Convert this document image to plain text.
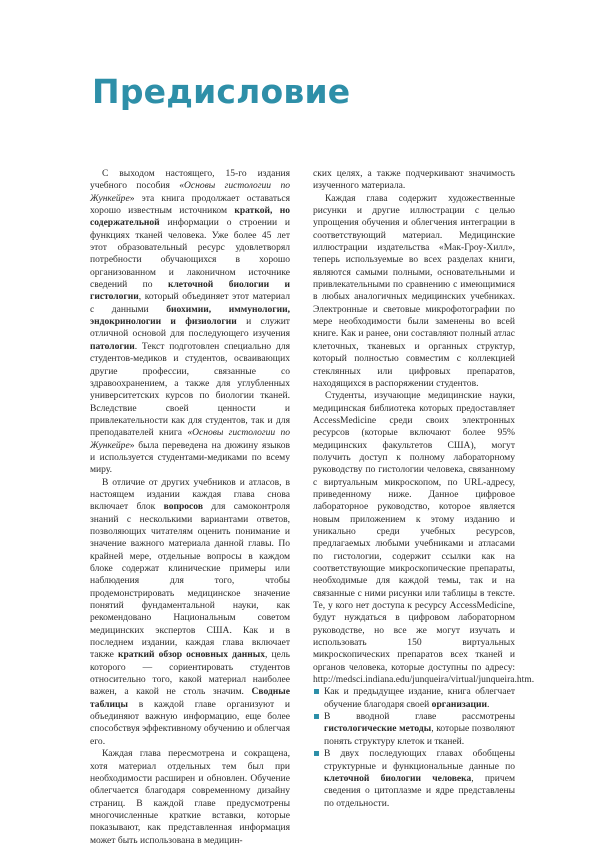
Предисловие

С выходом настоящего, 15-го издания учебного пособия «Основы гистологии по Жункейре» эта книга продолжает оставаться хорошо известным источником краткой, но содержательной информации о строении и функциях тканей человека. Уже более 45 лет этот образовательный ресурс удовлетворял потребности обучающихся в хорошо организованном и лаконичном источнике сведений по клеточной биологии и гистологии, который объединяет этот материал с данными биохимии, иммунологии, эндокринологии и физиологии и служит отличной основой для последующего изучения патологии. Текст подготовлен специально для студентов-медиков и студентов, осваивающих другие профессии, связанные со здравоохранением, а также для углубленных университетских курсов по биологии тканей. Вследствие своей ценности и привлекательности как для студентов, так и для преподавателей книга «Основы гистологии по Жункейре» была переведена на дюжину языков и используется студентами-медиками по всему миру.

В отличие от других учебников и атласов, в настоящем издании каждая глава снова включает блок вопросов для самоконтроля знаний с несколькими вариантами ответов, позволяющих читателям оценить понимание и значение важного материала данной главы. По крайней мере, отдельные вопросы в каждом блоке содержат клинические примеры или наблюдения для того, чтобы продемонстрировать медицинское значение понятий фундаментальной науки, как рекомендовано Национальным советом медицинских экспертов США. Как и в последнем издании, каждая глава включает также краткий обзор основных данных, цель которого — сориентировать студентов относительно того, какой материал наиболее важен, а какой не столь значим. Сводные таблицы в каждой главе организуют и объединяют важную информацию, еще более способствуя эффективному обучению и облегчая его.

Каждая глава пересмотрена и сокращена, хотя материал отдельных тем был при необходимости расширен и обновлен. Обучение облегчается благодаря современному дизайну страниц. В каждой главе предусмотрены многочисленные краткие вставки, которые показывают, как представленная информация может быть использована в медицин-

ских целях, а также подчеркивают значимость изученного материала.

Каждая глава содержит художественные рисунки и другие иллюстрации с целью упрощения обучения и облегчения интеграции в соответствующий материал. Медицинские иллюстрации издательства «Мак-Гроу-Хилл», теперь используемые во всех разделах книги, являются самыми полными, основательными и привлекательными по сравнению с имеющимися в любых аналогичных медицинских учебниках. Электронные и световые микрофотографии по мере необходимости были заменены во всей книге. Как и ранее, они составляют полный атлас клеточных, тканевых и органных структур, который полностью совместим с коллекцией стеклянных или цифровых препаратов, находящихся в распоряжении студентов.

Студенты, изучающие медицинские науки, медицинская библиотека которых предоставляет AccessMedicine среди своих электронных ресурсов (которые включают более 95% медицинских факультетов США), могут получить доступ к полному лабораторному руководству по гистологии человека, связанному с виртуальным микроскопом, по URL-адресу, приведенному ниже. Данное цифровое лабораторное руководство, которое является новым приложением к этому изданию и уникально среди учебных ресурсов, предлагаемых любыми учебниками и атласами по гистологии, содержит ссылки как на соответствующие микроскопические препараты, необходимые для каждой темы, так и на связанные с ними рисунки или таблицы в тексте. Те, у кого нет доступа к ресурсу AccessMedicine, будут нуждаться в цифровом лабораторном руководстве, но все же могут изучать и использовать 150 виртуальных микроскопических препаратов всех тканей и органов человека, которые доступны по адресу: http://medsci.indiana.edu/junqueira/virtual/junqueira.htm.

Как и предыдущее издание, книга облегчает обучение благодаря своей организации.
В вводной главе рассмотрены гистологические методы, которые позволяют понять структуру клеток и тканей.
В двух последующих главах обобщены структурные и функциональные данные по клеточной биологии человека, причем сведения о цитоплазме и ядре представлены по отдельности.
